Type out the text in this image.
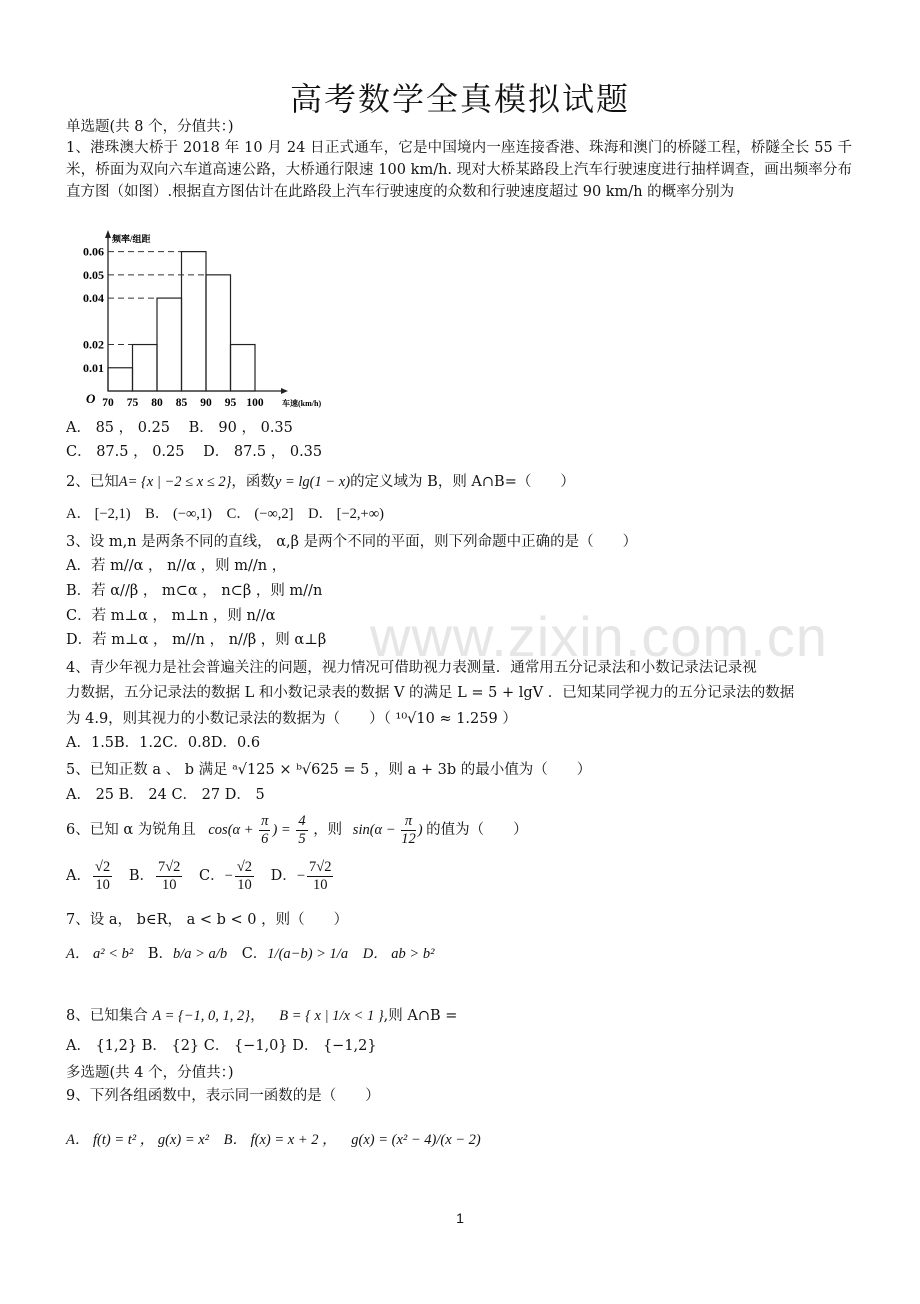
www.zixin.com.cn
高考数学全真模拟试题
单选题(共 8 个，分值共：)
1、港珠澳大桥于 2018 年 10 月 24 日正式通车，它是中国境内一座连接香港、珠海和澳门的桥隧工程，桥隧全长 55 千米，桥面为双向六车道高速公路，大桥通行限速 100 km/h. 现对大桥某路段上汽车行驶速度进行抽样调查，画出频率分布直方图（如图）.根据直方图估计在此路段上汽车行驶速度的众数和行驶速度超过 90 km/h 的概率分别为
0.01
0.02
0.04
0.05
0.06
70 75 80 85 90 95 100
O
频率/组距
车速(km/h)
A． 85 ， 0.25 B． 90 ， 0.35
C． 87.5 ， 0.25 D． 87.5 ， 0.35
2、已知A= {x | −2 ≤ x ≤ 2}，函数y = lg(1 − x)的定义域为 B，则 A∩B=（　　）
A． [−2,1) B． (−∞,1) C． (−∞,2] D． [−2,+∞)
3、设 m,n 是两条不同的直线， α,β 是两个不同的平面，则下列命题中正确的是（　　）
A．若 m//α ， n//α ，则 m//n ，
B．若 α//β ， m⊂α ， n⊂β ，则 m//n
C．若 m⊥α ， m⊥n ，则 n//α
D．若 m⊥α ， m//n ， n//β ，则 α⊥β
4、青少年视力是社会普遍关注的问题，视力情况可借助视力表测量．通常用五分记录法和小数记录法记录视
力数据，五分记录法的数据 L 和小数记录表的数据 V 的满足 L = 5 + lgV ．已知某同学视力的五分记录法的数据
为 4.9，则其视力的小数记录法的数据为（　　）（ ¹⁰√10 ≈ 1.259 ）
A．1.5B．1.2C．0.8D．0.6
5、已知正数 a 、 b 满足 ᵃ√125 × ᵇ√625 = 5 ，则 a + 3b 的最小值为（　　）
A． 25 B． 24 C． 27 D． 5
6、已知 α 为锐角且 $\cos(\alpha + \frac{\pi}{6}$ ) = $\frac{4}{5}$ ，则 $\sin(\alpha - \frac{\pi}{12}$ ) 的值为（　　）
A． $\frac{√2}{10}$ B． $\frac{7√2}{10}$ C．− $\frac{√2}{10}$ D．− $\frac{7√2}{10}$
7、设 a， b∈R， a < b < 0 ，则（　　）
A． a² < b² B．b/a > a/b C．1/(a−b) > 1/a D． ab > b²
8、已知集合 A = {−1, 0, 1, 2}， B = { x | 1/x < 1 },则 A∩B =
A． {1,2} B． {2} C． {−1,0} D． {−1,2}
多选题(共 4 个，分值共：)
9、下列各组函数中，表示同一函数的是（　　）
A． f(t) = t² ， g(x) = x² B． f(x) = x + 2 ， g(x) = (x² − 4)/(x − 2)
1
